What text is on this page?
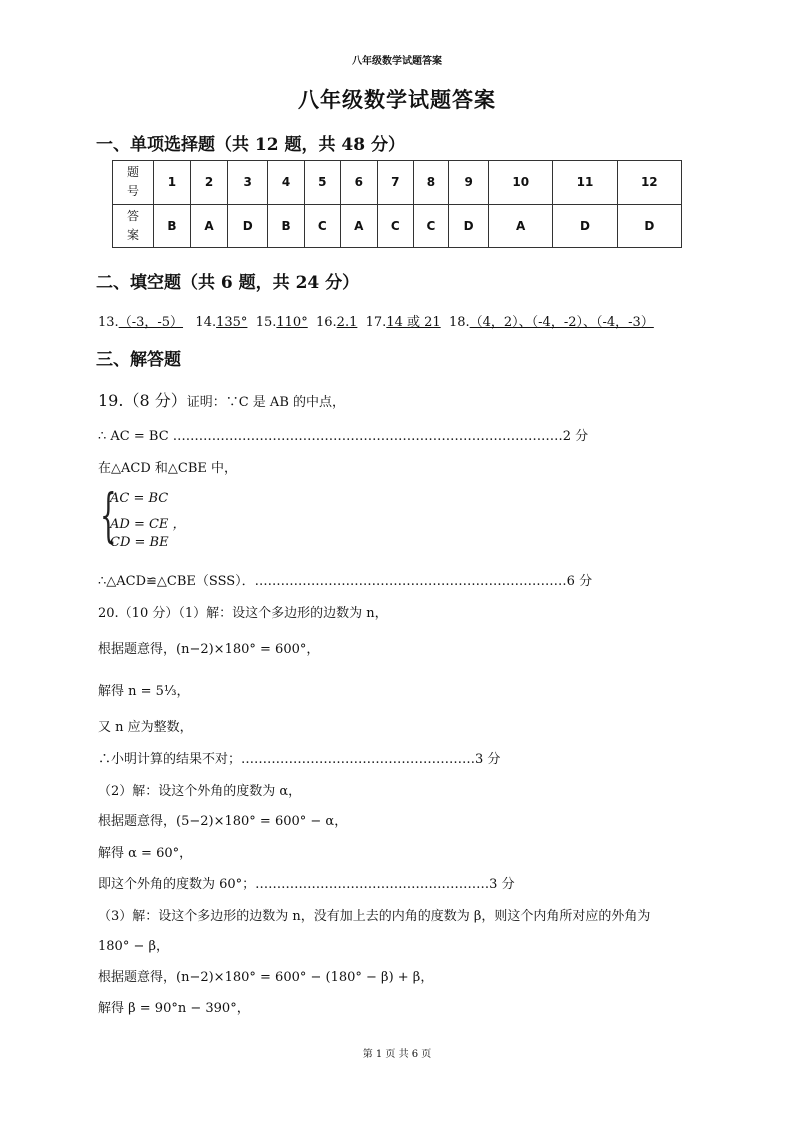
八年级数学试题答案
八年级数学试题答案
一、单项选择题（共 12 题，共 48 分）
题
号	1	2	3	4	5	6	7	8	9	10	11	12

答
案	B	A	D	B	C	A	C	C	D	A	D	D
二、填空题（共 6 题，共 24 分）
13.（-3，-5） 14.135° 15.110° 16.2.1 17.14 或 21 18.（4，2）、（-4，-2）、（-4，-3）
三、解答题
19.（8 分）证明：∵C 是 AB 的中点，
∴ AC = BC ………………………………………………………………………………2 分
在△ACD 和△CBE 中，
{
AC = BC
AD = CE ，
CD = BE
∴△ACD≌△CBE（SSS）．………………………………………………………………6 分
20.（10 分）（1）解：设这个多边形的边数为 n，
根据题意得，(n−2)×180° = 600°，
解得 n = 5⅓，
又 n 应为整数，
∴小明计算的结果不对；………………………………………………3 分
（2）解：设这个外角的度数为 α，
根据题意得，(5−2)×180° = 600° − α，
解得 α = 60°，
即这个外角的度数为 60°；………………………………………………3 分
（3）解：设这个多边形的边数为 n，没有加上去的内角的度数为 β，则这个内角所对应的外角为
180° − β，
根据题意得，(n−2)×180° = 600° − (180° − β) + β，
解得 β = 90°n − 390°，
第 1 页 共 6 页
